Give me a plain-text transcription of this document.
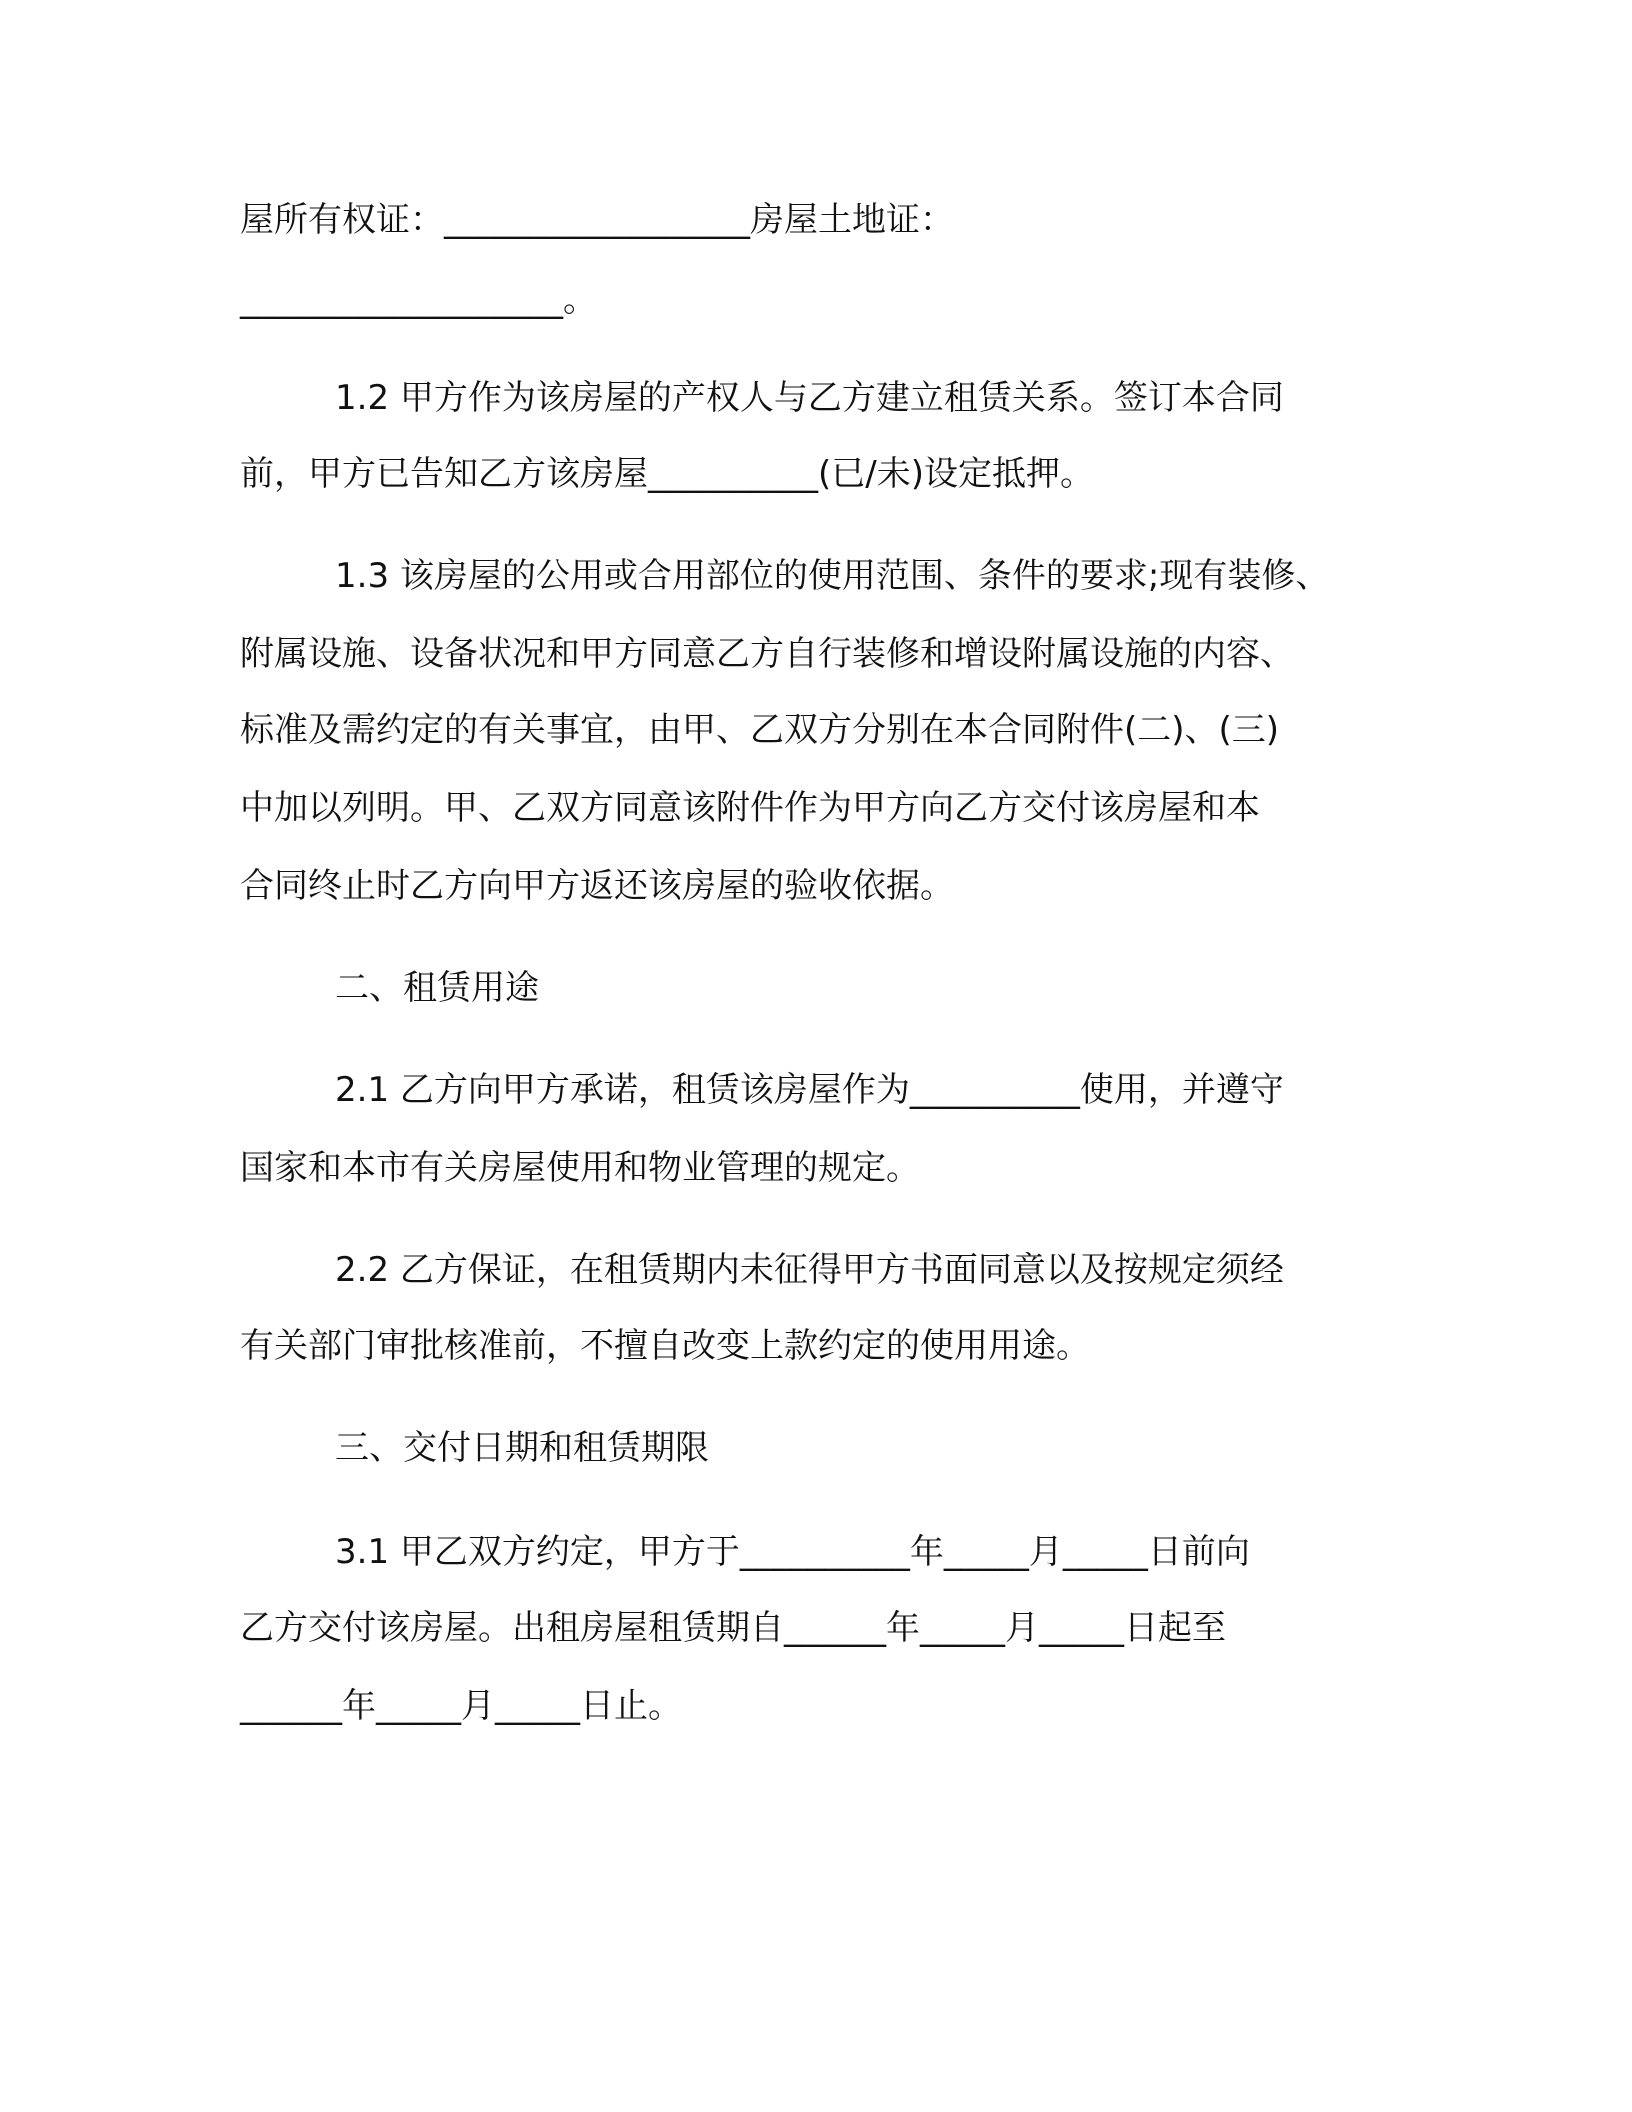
屋所有权证：__________________房屋土地证：
___________________。
1.2 甲方作为该房屋的产权人与乙方建立租赁关系。签订本合同
前，甲方已告知乙方该房屋__________(已/未)设定抵押。
1.3 该房屋的公用或合用部位的使用范围、条件的要求;现有装修、
附属设施、设备状况和甲方同意乙方自行装修和增设附属设施的内容、
标准及需约定的有关事宜，由甲、乙双方分别在本合同附件(二)、(三)
中加以列明。甲、乙双方同意该附件作为甲方向乙方交付该房屋和本
合同终止时乙方向甲方返还该房屋的验收依据。
二、租赁用途
2.1 乙方向甲方承诺，租赁该房屋作为__________使用，并遵守
国家和本市有关房屋使用和物业管理的规定。
2.2 乙方保证，在租赁期内未征得甲方书面同意以及按规定须经
有关部门审批核准前，不擅自改变上款约定的使用用途。
三、交付日期和租赁期限
3.1 甲乙双方约定，甲方于__________年_____月_____日前向
乙方交付该房屋。出租房屋租赁期自______年_____月_____日起至
______年_____月_____日止。
